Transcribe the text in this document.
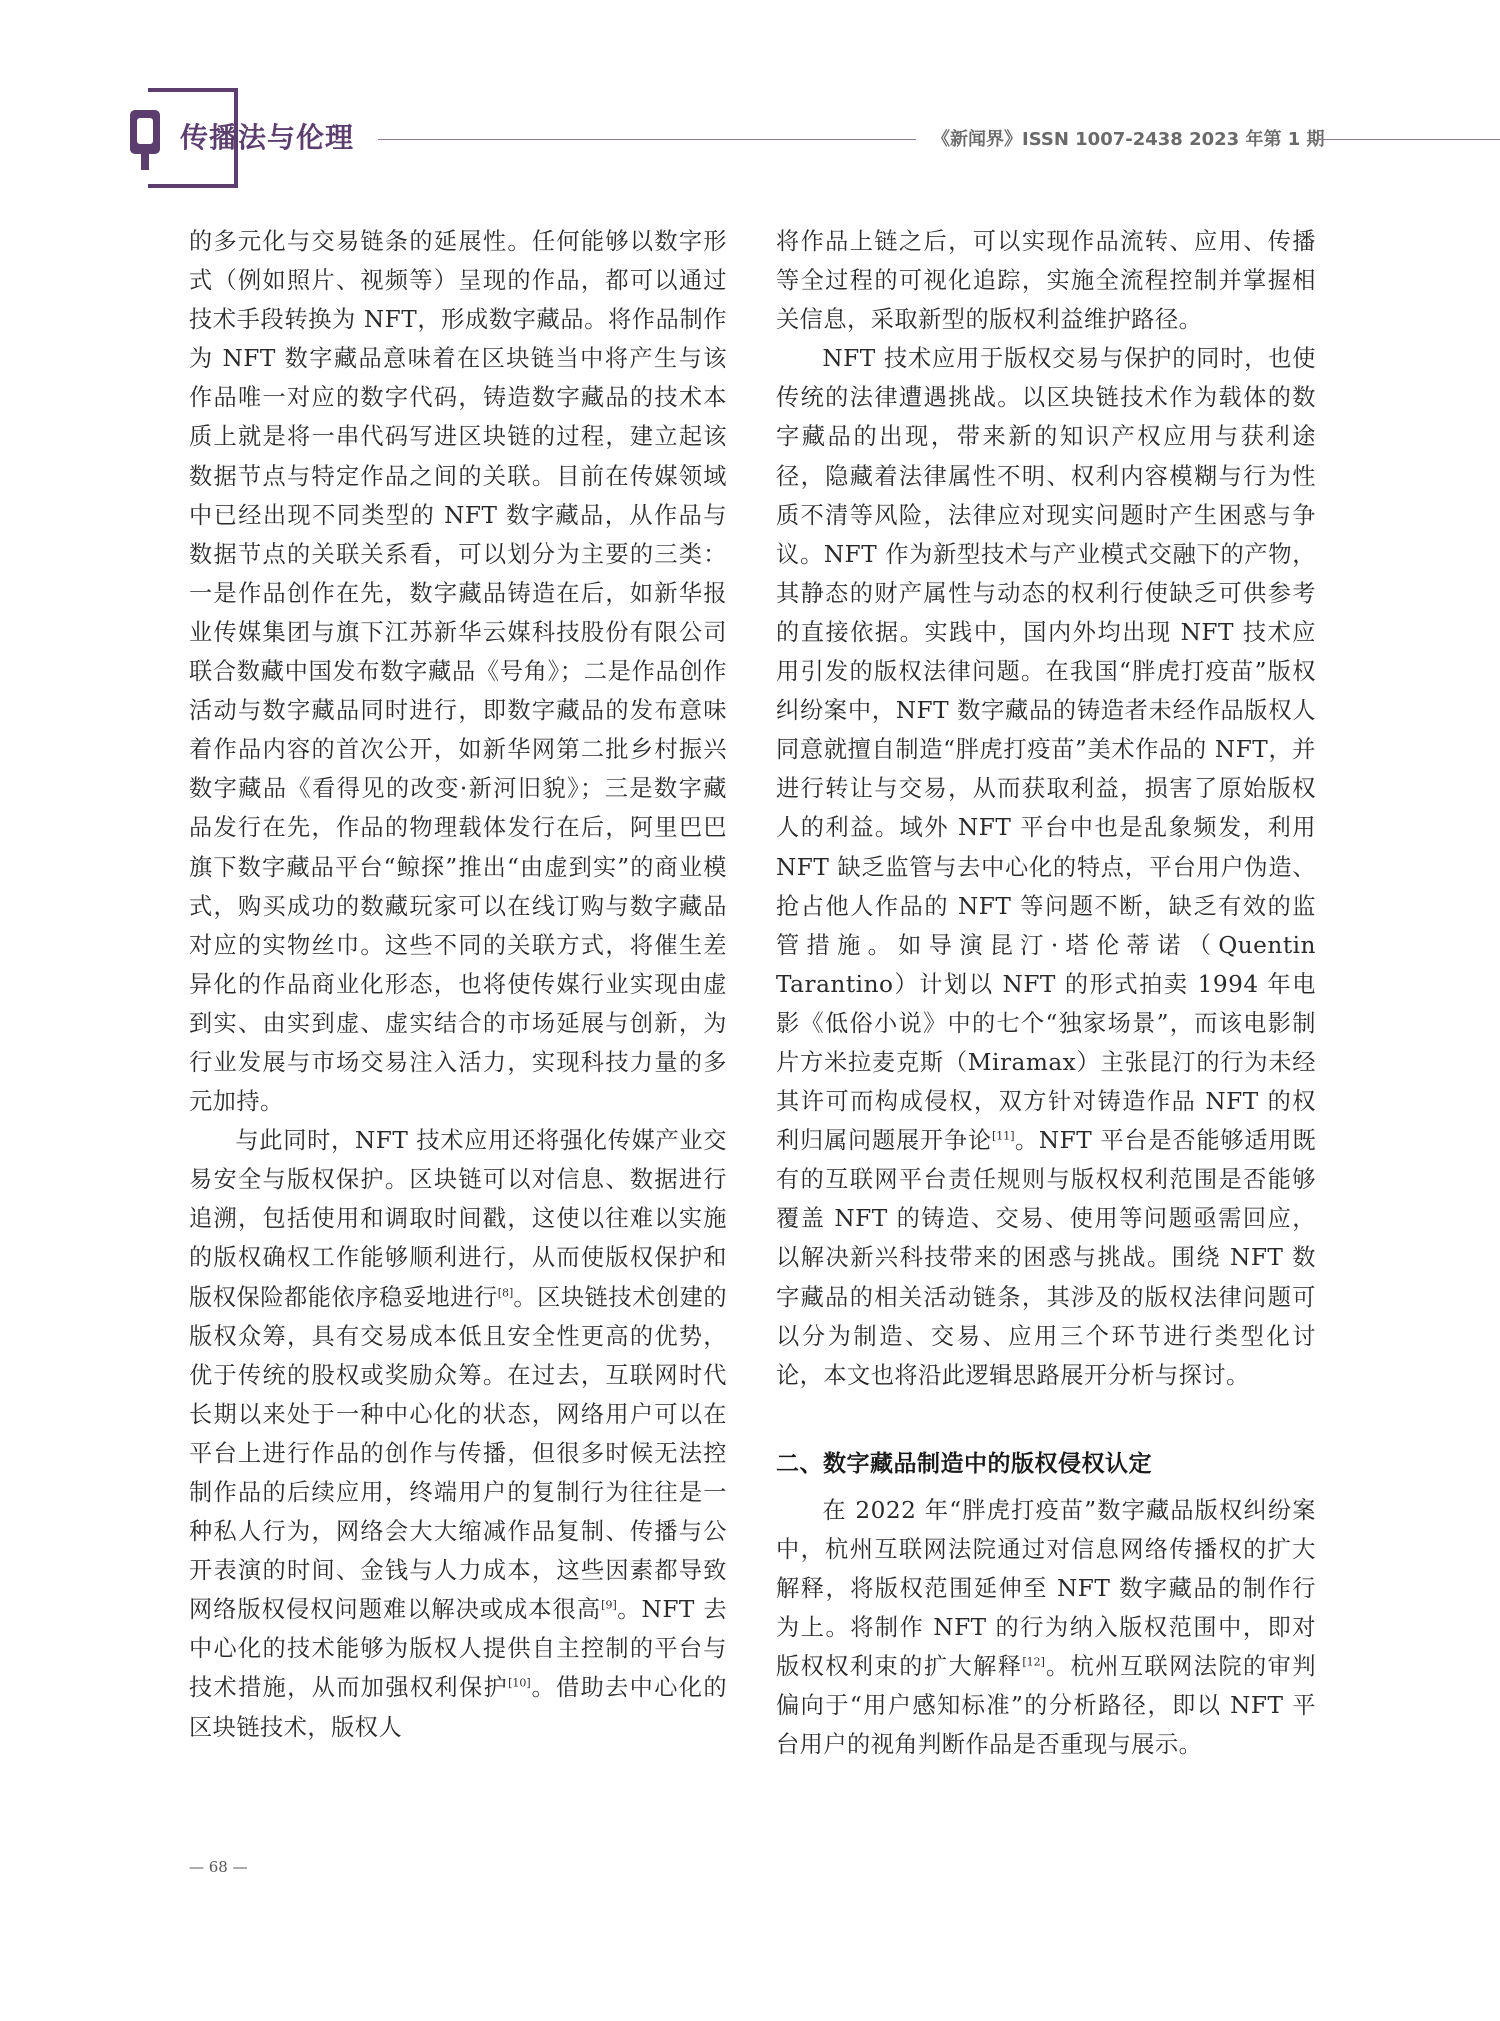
传播法与伦理	《新闻界》ISSN 1007-2438 2023 年第 1 期

的多元化与交易链条的延展性。任何能够以数字形式（例如照片、视频等）呈现的作品，都可以通过技术手段转换为 NFT，形成数字藏品。将作品制作为 NFT 数字藏品意味着在区块链当中将产生与该作品唯一对应的数字代码，铸造数字藏品的技术本质上就是将一串代码写进区块链的过程，建立起该数据节点与特定作品之间的关联。目前在传媒领域中已经出现不同类型的 NFT 数字藏品，从作品与数据节点的关联关系看，可以划分为主要的三类：一是作品创作在先，数字藏品铸造在后，如新华报业传媒集团与旗下江苏新华云媒科技股份有限公司联合数藏中国发布数字藏品《号角》；二是作品创作活动与数字藏品同时进行，即数字藏品的发布意味着作品内容的首次公开，如新华网第二批乡村振兴数字藏品《看得见的改变·新河旧貌》；三是数字藏品发行在先，作品的物理载体发行在后，阿里巴巴旗下数字藏品平台“鲸探”推出“由虚到实”的商业模式，购买成功的数藏玩家可以在线订购与数字藏品对应的实物丝巾。这些不同的关联方式，将催生差异化的作品商业化形态，也将使传媒行业实现由虚到实、由实到虚、虚实结合的市场延展与创新，为行业发展与市场交易注入活力，实现科技力量的多元加持。

与此同时，NFT 技术应用还将强化传媒产业交易安全与版权保护。区块链可以对信息、数据进行追溯，包括使用和调取时间戳，这使以往难以实施的版权确权工作能够顺利进行，从而使版权保护和版权保险都能依序稳妥地进行[8]。区块链技术创建的版权众筹，具有交易成本低且安全性更高的优势，优于传统的股权或奖励众筹。在过去，互联网时代长期以来处于一种中心化的状态，网络用户可以在平台上进行作品的创作与传播，但很多时候无法控制作品的后续应用，终端用户的复制行为往往是一种私人行为，网络会大大缩减作品复制、传播与公开表演的时间、金钱与人力成本，这些因素都导致网络版权侵权问题难以解决或成本很高[9]。NFT 去中心化的技术能够为版权人提供自主控制的平台与技术措施，从而加强权利保护[10]。借助去中心化的区块链技术，版权人

将作品上链之后，可以实现作品流转、应用、传播等全过程的可视化追踪，实施全流程控制并掌握相关信息，采取新型的版权利益维护路径。

NFT 技术应用于版权交易与保护的同时，也使传统的法律遭遇挑战。以区块链技术作为载体的数字藏品的出现，带来新的知识产权应用与获利途径，隐藏着法律属性不明、权利内容模糊与行为性质不清等风险，法律应对现实问题时产生困惑与争议。NFT 作为新型技术与产业模式交融下的产物，其静态的财产属性与动态的权利行使缺乏可供参考的直接依据。实践中，国内外均出现 NFT 技术应用引发的版权法律问题。在我国“胖虎打疫苗”版权纠纷案中，NFT 数字藏品的铸造者未经作品版权人同意就擅自制造“胖虎打疫苗”美术作品的 NFT，并进行转让与交易，从而获取利益，损害了原始版权人的利益。域外 NFT 平台中也是乱象频发，利用 NFT 缺乏监管与去中心化的特点，平台用户伪造、抢占他人作品的 NFT 等问题不断，缺乏有效的监管措施。如导演昆汀·塔伦蒂诺（Quentin Tarantino）计划以 NFT 的形式拍卖 1994 年电影《低俗小说》中的七个“独家场景”，而该电影制片方米拉麦克斯（Miramax）主张昆汀的行为未经其许可而构成侵权，双方针对铸造作品 NFT 的权利归属问题展开争论[11]。NFT 平台是否能够适用既有的互联网平台责任规则与版权权利范围是否能够覆盖 NFT 的铸造、交易、使用等问题亟需回应，以解决新兴科技带来的困惑与挑战。围绕 NFT 数字藏品的相关活动链条，其涉及的版权法律问题可以分为制造、交易、应用三个环节进行类型化讨论，本文也将沿此逻辑思路展开分析与探讨。

二、数字藏品制造中的版权侵权认定

在 2022 年“胖虎打疫苗”数字藏品版权纠纷案中，杭州互联网法院通过对信息网络传播权的扩大解释，将版权范围延伸至 NFT 数字藏品的制作行为上。将制作 NFT 的行为纳入版权范围中，即对版权权利束的扩大解释[12]。杭州互联网法院的审判偏向于“用户感知标准”的分析路径，即以 NFT 平台用户的视角判断作品是否重现与展示。

— 68 —
